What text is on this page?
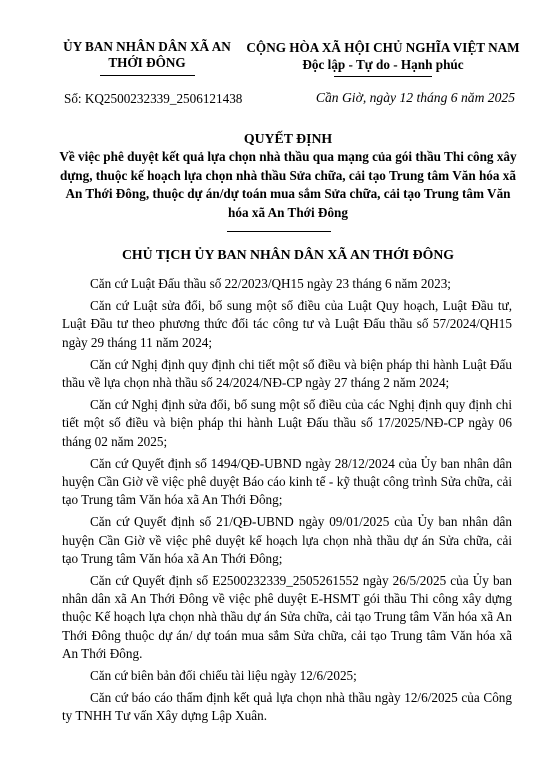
ỦY BAN NHÂN DÂN XÃ AN THỚI ĐÔNG
CỘNG HÒA XÃ HỘI CHỦ NGHĨA VIỆT NAM
Độc lập - Tự do - Hạnh phúc
Số: KQ2500232339_2506121438	Cần Giờ, ngày 12 tháng 6 năm 2025
QUYẾT ĐỊNH
Về việc phê duyệt kết quả lựa chọn nhà thầu qua mạng của gói thầu Thi công xây dựng, thuộc kế hoạch lựa chọn nhà thầu Sửa chữa, cải tạo Trung tâm Văn hóa xã An Thới Đông, thuộc dự án/dự toán mua sắm Sửa chữa, cải tạo Trung tâm Văn hóa xã An Thới Đông
CHỦ TỊCH ỦY BAN NHÂN DÂN XÃ AN THỚI ĐÔNG

Căn cứ Luật Đấu thầu số 22/2023/QH15 ngày 23 tháng 6 năm 2023;

Căn cứ Luật sửa đổi, bổ sung một số điều của Luật Quy hoạch, Luật Đầu tư, Luật Đầu tư theo phương thức đối tác công tư và Luật Đấu thầu số 57/2024/QH15 ngày 29 tháng 11 năm 2024;

Căn cứ Nghị định quy định chi tiết một số điều và biện pháp thi hành Luật Đấu thầu về lựa chọn nhà thầu số 24/2024/NĐ-CP ngày 27 tháng 2 năm 2024;

Căn cứ Nghị định sửa đổi, bổ sung một số điều của các Nghị định quy định chi tiết một số điều và biện pháp thi hành Luật Đấu thầu số 17/2025/NĐ-CP ngày 06 tháng 02 năm 2025;

Căn cứ Quyết định số 1494/QĐ-UBND ngày 28/12/2024 của Ủy ban nhân dân huyện Cần Giờ về việc phê duyệt Báo cáo kinh tế - kỹ thuật công trình Sửa chữa, cải tạo Trung tâm Văn hóa xã An Thới Đông;

Căn cứ Quyết định số 21/QĐ-UBND ngày 09/01/2025 của Ủy ban nhân dân huyện Cần Giờ về việc phê duyệt kế hoạch lựa chọn nhà thầu dự án Sửa chữa, cải tạo Trung tâm Văn hóa xã An Thới Đông;

Căn cứ Quyết định số E2500232339_2505261552 ngày 26/5/2025 của Ủy ban nhân dân xã An Thới Đông về việc phê duyệt E-HSMT gói thầu Thi công xây dựng thuộc Kế hoạch lựa chọn nhà thầu dự án Sửa chữa, cải tạo Trung tâm Văn hóa xã An Thới Đông thuộc dự án/ dự toán mua sắm Sửa chữa, cải tạo Trung tâm Văn hóa xã An Thới Đông.

Căn cứ biên bản đối chiếu tài liệu ngày 12/6/2025;

Căn cứ báo cáo thẩm định kết quả lựa chọn nhà thầu ngày 12/6/2025 của Công ty TNHH Tư vấn Xây dựng Lập Xuân.
